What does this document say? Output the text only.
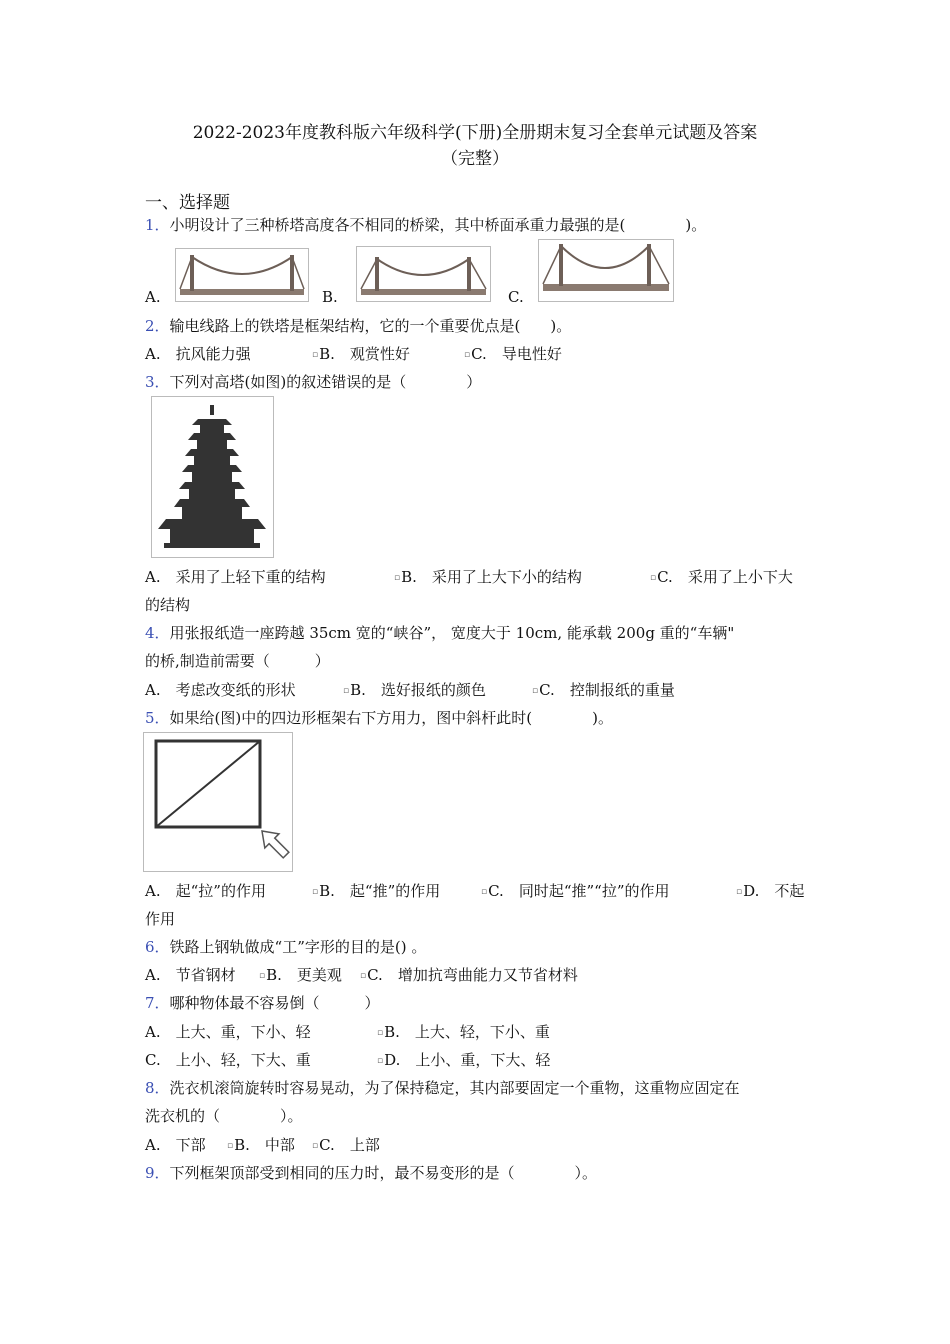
2022-2023年度教科版六年级科学(下册)全册期末复习全套单元试题及答案
（完整）
一、选择题
1．小明设计了三种桥塔高度各不相同的桥梁，其中桥面承重力最强的是(　　　　)。
A.	B.	C.
2．输电线路上的铁塔是框架结构，它的一个重要优点是(　　)。
A.　抗风能力强	▫B.　观赏性好	▫C.　导电性好
3．下列对高塔(如图)的叙述错误的是（　　　　）
A.　采用了上轻下重的结构	▫B.　采用了上大下小的结构	▫C.　采用了上小下大
的结构
4．用张报纸造一座跨越 35cm 宽的“峡谷”， 宽度大于 10cm, 能承载 200g 重的“车辆"
的桥,制造前需要（　　　）
A.　考虑改变纸的形状	▫B.　选好报纸的颜色	▫C.　控制报纸的重量
5．如果给(图)中的四边形框架右下方用力，图中斜杆此时(　　　　)。
A.　起“拉”的作用	▫B.　起“推”的作用	▫C.　同时起“推”“拉”的作用	▫D.　不起
作用
6．铁路上钢轨做成“工”字形的目的是() 。
A.　节省钢材	▫B.　更美观 ▫C.　增加抗弯曲能力又节省材料
7．哪种物体最不容易倒（　　　）
A.　上大、重，下小、轻	▫B.　上大、轻，下小、重
C.　上小、轻，下大、重	▫D.　上小、重，下大、轻
8．洗衣机滚筒旋转时容易晃动，为了保持稳定，其内部要固定一个重物，这重物应固定在
洗衣机的（　　　　）。
A.　下部 ▫B.　中部 ▫C.　上部
9．下列框架顶部受到相同的压力时，最不易变形的是（　　　　）。
